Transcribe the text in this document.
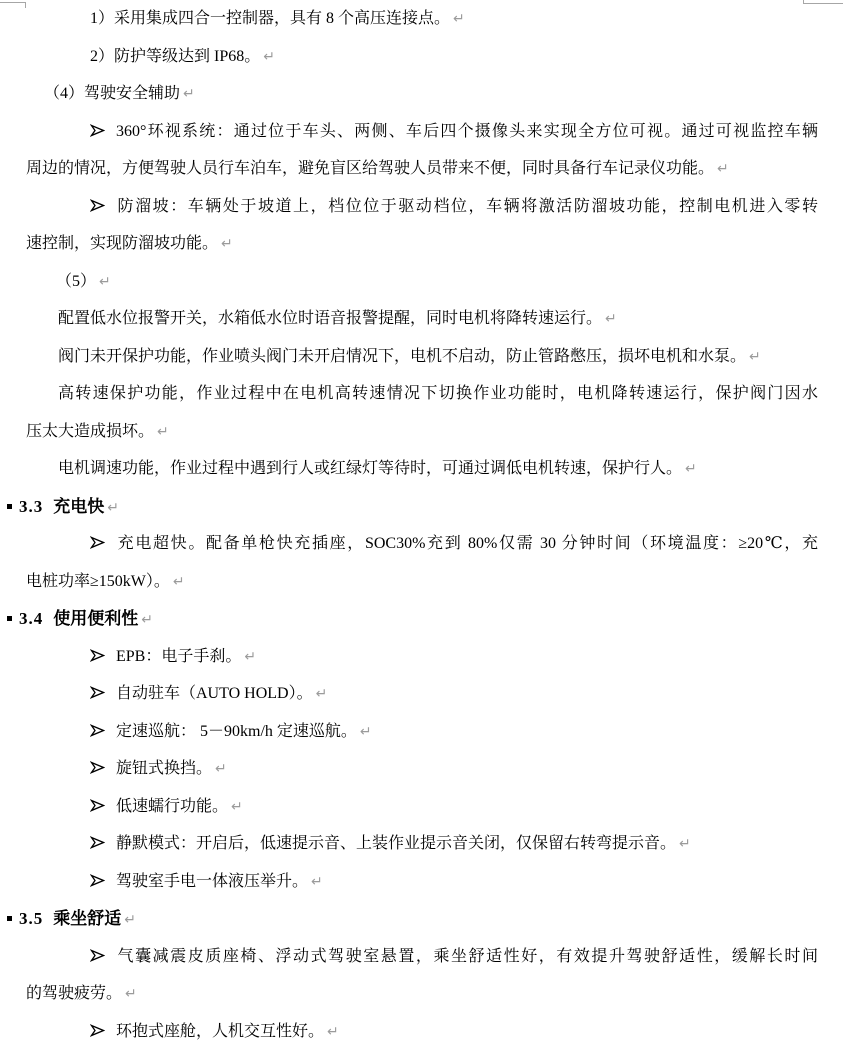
1）采用集成四合一控制器，具有 8 个高压连接点。 ↵
2）防护等级达到 IP68。 ↵
（4）驾驶安全辅助 ↵
360°环视系统：通过位于车头、两侧、车后四个摄像头来实现全方位可视。通过可视监控车辆
周边的情况，方便驾驶人员行车泊车，避免盲区给驾驶人员带来不便，同时具备行车记录仪功能。 ↵
防溜坡：车辆处于坡道上，档位位于驱动档位，车辆将激活防溜坡功能，控制电机进入零转
速控制，实现防溜坡功能。 ↵
（5） ↵
配置低水位报警开关，水箱低水位时语音报警提醒，同时电机将降转速运行。 ↵
阀门未开保护功能，作业喷头阀门未开启情况下，电机不启动，防止管路憋压，损坏电机和水泵。 ↵
高转速保护功能，作业过程中在电机高转速情况下切换作业功能时，电机降转速运行，保护阀门因水
压太大造成损坏。 ↵
电机调速功能，作业过程中遇到行人或红绿灯等待时，可通过调低电机转速，保护行人。 ↵
3.3 充电快 ↵
充电超快。配备单枪快充插座，SOC30%充到 80%仅需 30 分钟时间（环境温度：≥20℃，充
电桩功率≥150kW）。 ↵
3.4 使用便利性 ↵
EPB：电子手刹。 ↵
自动驻车（AUTO HOLD）。 ↵
定速巡航： 5－90km/h 定速巡航。 ↵
旋钮式换挡。 ↵
低速蠕行功能。 ↵
静默模式：开启后，低速提示音、上装作业提示音关闭，仅保留右转弯提示音。 ↵
驾驶室手电一体液压举升。 ↵
3.5 乘坐舒适 ↵
气囊减震皮质座椅、浮动式驾驶室悬置，乘坐舒适性好，有效提升驾驶舒适性，缓解长时间
的驾驶疲劳。 ↵
环抱式座舱，人机交互性好。 ↵
